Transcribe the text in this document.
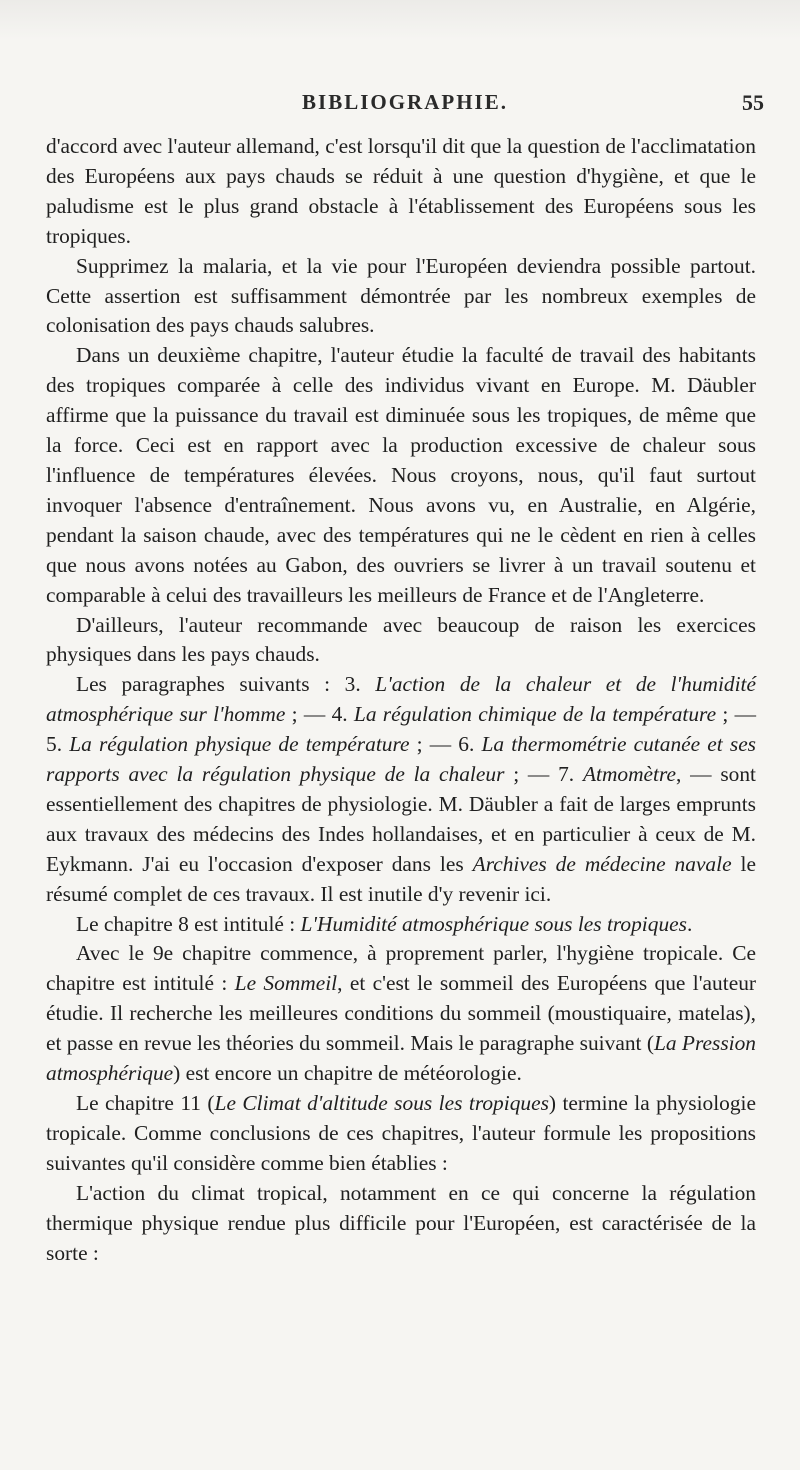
BIBLIOGRAPHIE.	55

d'accord avec l'auteur allemand, c'est lorsqu'il dit que la question de l'acclimatation des Européens aux pays chauds se réduit à une question d'hygiène, et que le paludisme est le plus grand obstacle à l'établissement des Européens sous les tropiques.

Supprimez la malaria, et la vie pour l'Européen deviendra possible partout. Cette assertion est suffisamment démontrée par les nombreux exemples de colonisation des pays chauds salubres.

Dans un deuxième chapitre, l'auteur étudie la faculté de travail des habitants des tropiques comparée à celle des individus vivant en Europe. M. Däubler affirme que la puissance du travail est diminuée sous les tropiques, de même que la force. Ceci est en rapport avec la production excessive de chaleur sous l'influence de températures élevées. Nous croyons, nous, qu'il faut surtout invoquer l'absence d'entraînement. Nous avons vu, en Australie, en Algérie, pendant la saison chaude, avec des températures qui ne le cèdent en rien à celles que nous avons notées au Gabon, des ouvriers se livrer à un travail soutenu et comparable à celui des travailleurs les meilleurs de France et de l'Angleterre.

D'ailleurs, l'auteur recommande avec beaucoup de raison les exercices physiques dans les pays chauds.

Les paragraphes suivants : 3. L'action de la chaleur et de l'humidité atmosphérique sur l'homme ; — 4. La régulation chimique de la température ; — 5. La régulation physique de température ; — 6. La thermométrie cutanée et ses rapports avec la régulation physique de la chaleur ; — 7. Atmomètre, — sont essentiellement des chapitres de physiologie. M. Däubler a fait de larges emprunts aux travaux des médecins des Indes hollandaises, et en particulier à ceux de M. Eykmann. J'ai eu l'occasion d'exposer dans les Archives de médecine navale le résumé complet de ces travaux. Il est inutile d'y revenir ici.

Le chapitre 8 est intitulé : L'Humidité atmosphérique sous les tropiques.

Avec le 9e chapitre commence, à proprement parler, l'hygiène tropicale. Ce chapitre est intitulé : Le Sommeil, et c'est le sommeil des Européens que l'auteur étudie. Il recherche les meilleures conditions du sommeil (moustiquaire, matelas), et passe en revue les théories du sommeil. Mais le paragraphe suivant (La Pression atmosphérique) est encore un chapitre de météorologie.

Le chapitre 11 (Le Climat d'altitude sous les tropiques) termine la physiologie tropicale. Comme conclusions de ces chapitres, l'auteur formule les propositions suivantes qu'il considère comme bien établies :

L'action du climat tropical, notamment en ce qui concerne la régulation thermique physique rendue plus difficile pour l'Européen, est caractérisée de la sorte :
